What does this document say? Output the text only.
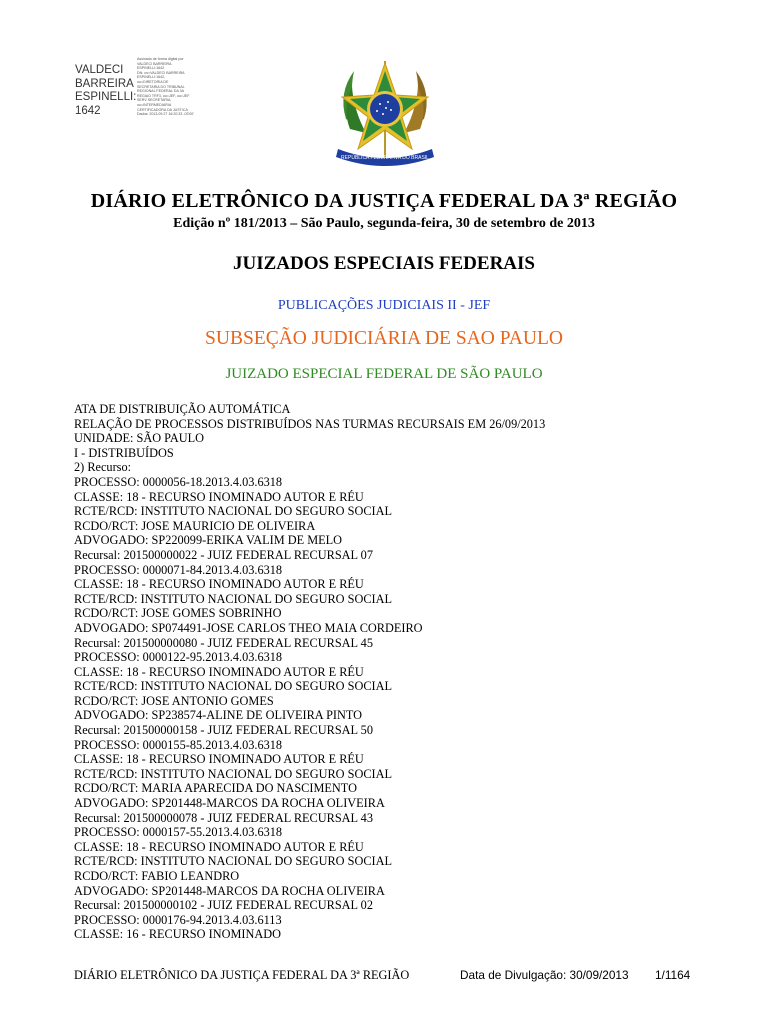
VALDECI
BARREIRA
ESPINELLI:
1642
Assinado de forma digital por
VALDECI BARREIRA
ESPINELLI:1642
DN: cn=VALDECI BARREIRA
ESPINELLI:1642,
ou=DIRETORIA DE
SECRETARIA DO TRIBUNAL
REGIONAL FEDERAL DA 3A
REGIAO TRF3, ou=JEF, ou=JEF
SERV SECRETARIA,
ou=INTERMEDIARIA
CERTIFICADORA DA JUSTICA
Dados: 2013.09.27 16:20:33 -03'00'
REPÚBLICA FEDERATIVA DO BRASIL
DIÁRIO ELETRÔNICO DA JUSTIÇA FEDERAL DA 3ª REGIÃO
Edição nº 181/2013 – São Paulo, segunda-feira, 30 de setembro de 2013
JUIZADOS ESPECIAIS FEDERAIS
PUBLICAÇÕES JUDICIAIS II - JEF
SUBSEÇÃO JUDICIÁRIA DE SAO PAULO
JUIZADO ESPECIAL FEDERAL DE SÃO PAULO
ATA DE DISTRIBUIÇÃO AUTOMÁTICA
RELAÇÃO DE PROCESSOS DISTRIBUÍDOS NAS TURMAS RECURSAIS EM 26/09/2013
UNIDADE: SÃO PAULO
I - DISTRIBUÍDOS
2) Recurso:
PROCESSO: 0000056-18.2013.4.03.6318
CLASSE: 18 - RECURSO INOMINADO AUTOR E RÉU
RCTE/RCD: INSTITUTO NACIONAL DO SEGURO SOCIAL
RCDO/RCT: JOSE MAURICIO DE OLIVEIRA
ADVOGADO: SP220099-ERIKA VALIM DE MELO
Recursal: 201500000022 - JUIZ FEDERAL RECURSAL 07
PROCESSO: 0000071-84.2013.4.03.6318
CLASSE: 18 - RECURSO INOMINADO AUTOR E RÉU
RCTE/RCD: INSTITUTO NACIONAL DO SEGURO SOCIAL
RCDO/RCT: JOSE GOMES SOBRINHO
ADVOGADO: SP074491-JOSE CARLOS THEO MAIA CORDEIRO
Recursal: 201500000080 - JUIZ FEDERAL RECURSAL 45
PROCESSO: 0000122-95.2013.4.03.6318
CLASSE: 18 - RECURSO INOMINADO AUTOR E RÉU
RCTE/RCD: INSTITUTO NACIONAL DO SEGURO SOCIAL
RCDO/RCT: JOSE ANTONIO GOMES
ADVOGADO: SP238574-ALINE DE OLIVEIRA PINTO
Recursal: 201500000158 - JUIZ FEDERAL RECURSAL 50
PROCESSO: 0000155-85.2013.4.03.6318
CLASSE: 18 - RECURSO INOMINADO AUTOR E RÉU
RCTE/RCD: INSTITUTO NACIONAL DO SEGURO SOCIAL
RCDO/RCT: MARIA APARECIDA DO NASCIMENTO
ADVOGADO: SP201448-MARCOS DA ROCHA OLIVEIRA
Recursal: 201500000078 - JUIZ FEDERAL RECURSAL 43
PROCESSO: 0000157-55.2013.4.03.6318
CLASSE: 18 - RECURSO INOMINADO AUTOR E RÉU
RCTE/RCD: INSTITUTO NACIONAL DO SEGURO SOCIAL
RCDO/RCT: FABIO LEANDRO
ADVOGADO: SP201448-MARCOS DA ROCHA OLIVEIRA
Recursal: 201500000102 - JUIZ FEDERAL RECURSAL 02
PROCESSO: 0000176-94.2013.4.03.6113
CLASSE: 16 - RECURSO INOMINADO
DIÁRIO ELETRÔNICO DA JUSTIÇA FEDERAL DA 3ª REGIÃO	Data de Divulgação: 30/09/2013 1/1164
